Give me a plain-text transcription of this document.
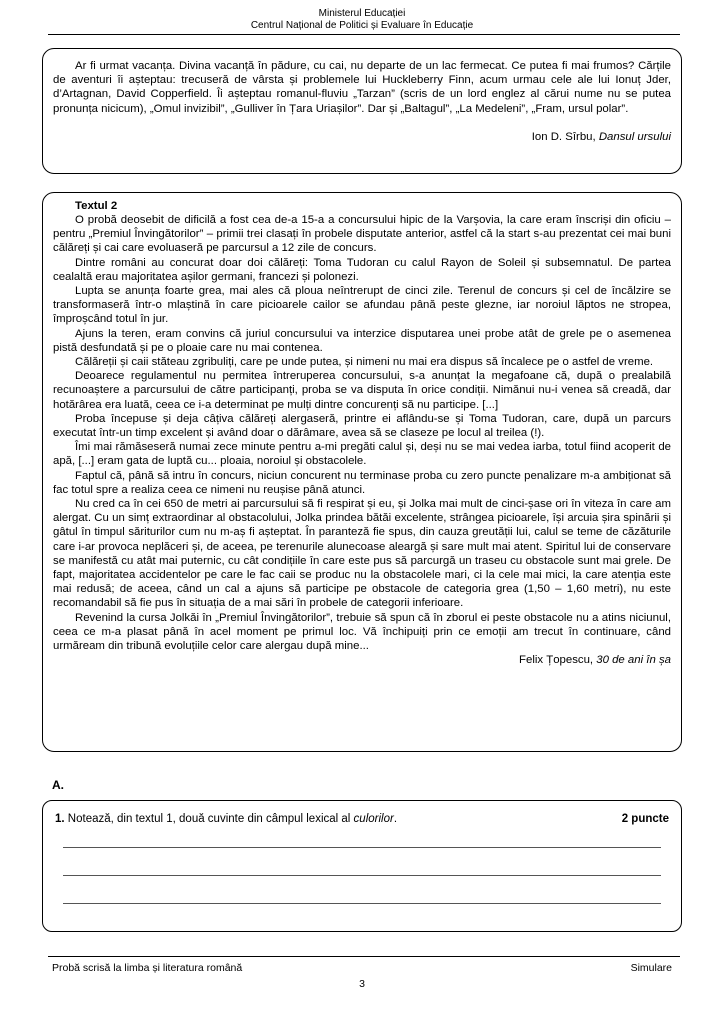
Ministerul Educației
Centrul Național de Politici și Evaluare în Educație

Ar fi urmat vacanța. Divina vacanță în pădure, cu cai, nu departe de un lac fermecat. Ce putea fi mai frumos? Cărțile de aventuri îi așteptau: trecuseră de vârsta și problemele lui Huckleberry Finn, acum urmau cele ale lui Ionuț Jder, d’Artagnan, David Copperfield. Îi așteptau romanul-fluviu „Tarzan” (scris de un lord englez al cărui nume nu se putea pronunța nicicum), „Omul invizibil”, „Gulliver în Țara Uriașilor”. Dar și „Baltagul”, „La Medeleni”, „Fram, ursul polar”.

Ion D. Sîrbu, Dansul ursului
Textul 2

O probă deosebit de dificilă a fost cea de-a 15-a a concursului hipic de la Varșovia, la care eram înscriși din oficiu – pentru „Premiul Învingătorilor” – primii trei clasați în probele disputate anterior, astfel că la start s-au prezentat cei mai buni călăreți și cai care evoluaseră pe parcursul a 12 zile de concurs.

Dintre români au concurat doar doi călăreți: Toma Tudoran cu calul Rayon de Soleil și subsemnatul. De partea cealaltă erau majoritatea așilor germani, francezi și polonezi.

Lupta se anunța foarte grea, mai ales că ploua neîntrerupt de cinci zile. Terenul de concurs și cel de încălzire se transformaseră într-o mlaștină în care picioarele cailor se afundau până peste glezne, iar noroiul lăptos ne stropea, împroșcând totul în jur.

Ajuns la teren, eram convins că juriul concursului va interzice disputarea unei probe atât de grele pe o asemenea pistă desfundată și pe o ploaie care nu mai contenea.

Călăreții și caii stăteau zgribuliți, care pe unde putea, și nimeni nu mai era dispus să încalece pe o astfel de vreme.

Deoarece regulamentul nu permitea întreruperea concursului, s-a anunțat la megafoane că, după o prealabilă recunoaștere a parcursului de către participanți, proba se va disputa în orice condiții. Nimănui nu-i venea să creadă, dar hotărârea era luată, ceea ce i-a determinat pe mulți dintre concurenți să nu participe. [...]

Proba începuse și deja câțiva călăreți alergaseră, printre ei aflându-se și Toma Tudoran, care, după un parcurs executat într-un timp excelent și având doar o dărâmare, avea să se claseze pe locul al treilea (!).

Îmi mai rămăseseră numai zece minute pentru a-mi pregăti calul și, deși nu se mai vedea iarba, totul fiind acoperit de apă, [...] eram gata de luptă cu... ploaia, noroiul și obstacolele.

Faptul că, până să intru în concurs, niciun concurent nu terminase proba cu zero puncte penalizare m-a ambiționat să fac totul spre a realiza ceea ce nimeni nu reușise până atunci.

Nu cred ca în cei 650 de metri ai parcursului să fi respirat și eu, și Jolka mai mult de cinci-șase ori în viteza în care am alergat. Cu un simț extraordinar al obstacolului, Jolka prindea bătăi excelente, strângea picioarele, își arcuia șira spinării și gâtul în timpul săriturilor cum nu m-aș fi așteptat. În paranteză fie spus, din cauza greutății lui, calul se teme de căzăturile care i-ar provoca neplăceri și, de aceea, pe terenurile alunecoase aleargă și sare mult mai atent. Spiritul lui de conservare se manifestă cu atât mai puternic, cu cât condițiile în care este pus să parcurgă un traseu cu obstacole sunt mai grele. De fapt, majoritatea accidentelor pe care le fac caii se produc nu la obstacolele mari, ci la cele mai mici, la care atenția este mai redusă; de aceea, când un cal a ajuns să participe pe obstacole de categoria grea (1,50 – 1,60 metri), nu este recomandabil să fie pus în situația de a mai sări în probele de categorii inferioare.

Revenind la cursa Jolkăi în „Premiul Învingătorilor”, trebuie să spun că în zborul ei peste obstacole nu a atins niciunul, ceea ce m-a plasat până în acel moment pe primul loc. Vă închipuiți prin ce emoții am trecut în continuare, când urmăream din tribună evoluțiile celor care alergau după mine...

Felix Țopescu, 30 de ani în șa
A.
1. Notează, din textul 1, două cuvinte din câmpul lexical al culorilor.	2 puncte
Probă scrisă la limba și literatura română	Simulare
3
